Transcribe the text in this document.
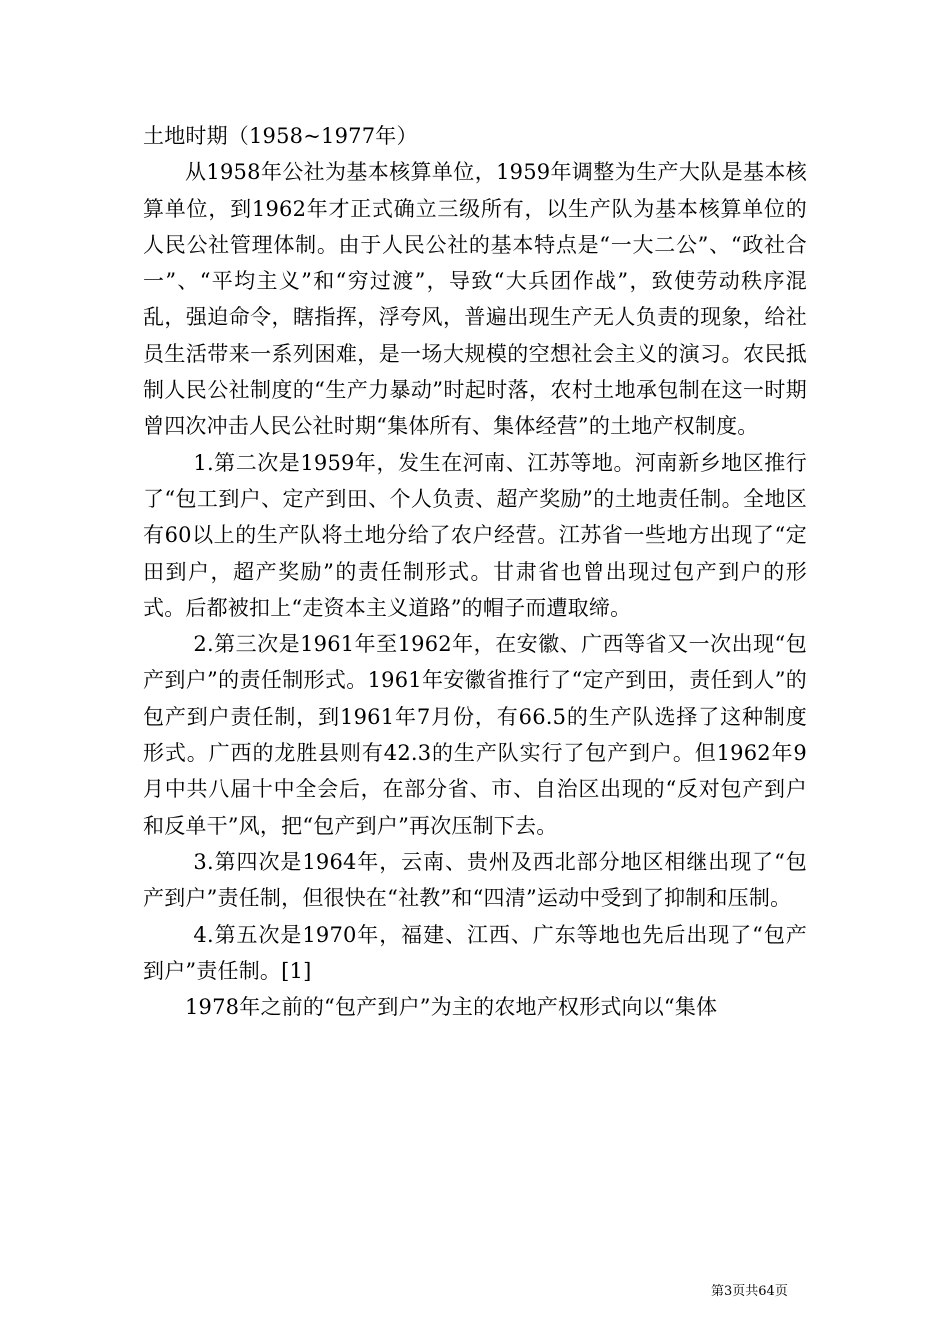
土地时期（1958~1977年）

从1958年公社为基本核算单位，1959年调整为生产大队是基本核算单位，到1962年才正式确立三级所有，以生产队为基本核算单位的人民公社管理体制。由于人民公社的基本特点是“一大二公”、“政社合一”、“平均主义”和“穷过渡”，导致“大兵团作战”，致使劳动秩序混乱，强迫命令，瞎指挥，浮夸风，普遍出现生产无人负责的现象，给社员生活带来一系列困难，是一场大规模的空想社会主义的演习。农民抵制人民公社制度的“生产力暴动”时起时落，农村土地承包制在这一时期曾四次冲击人民公社时期“集体所有、集体经营”的土地产权制度。

1.第二次是1959年，发生在河南、江苏等地。河南新乡地区推行了“包工到户、定产到田、个人负责、超产奖励”的土地责任制。全地区有60以上的生产队将土地分给了农户经营。江苏省一些地方出现了“定田到户，超产奖励”的责任制形式。甘肃省也曾出现过包产到户的形式。后都被扣上“走资本主义道路”的帽子而遭取缔。

2.第三次是1961年至1962年，在安徽、广西等省又一次出现“包产到户”的责任制形式。1961年安徽省推行了“定产到田，责任到人”的包产到户责任制，到1961年7月份，有66.5的生产队选择了这种制度形式。广西的龙胜县则有42.3的生产队实行了包产到户。但1962年9月中共八届十中全会后，在部分省、市、自治区出现的“反对包产到户和反单干”风，把“包产到户”再次压制下去。

3.第四次是1964年，云南、贵州及西北部分地区相继出现了“包产到户”责任制，但很快在“社教”和“四清”运动中受到了抑制和压制。

4.第五次是1970年，福建、江西、广东等地也先后出现了“包产到户”责任制。[1]

1978年之前的“包产到户”为主的农地产权形式向以“集体

第3页共64页
